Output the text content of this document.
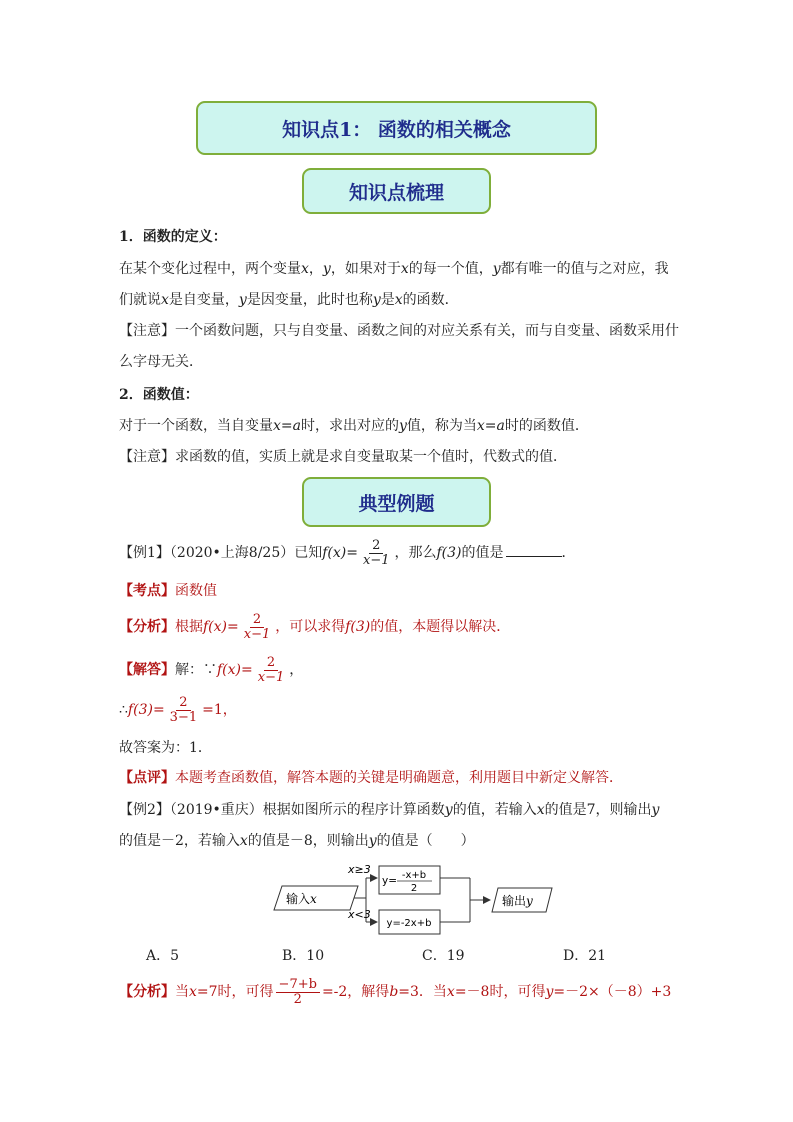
知识点1： 函数的相关概念
知识点梳理
1．函数的定义：
在某个变化过程中，两个变量x，y，如果对于x的每一个值，y都有唯一的值与之对应，我
们就说x是自变量，y是因变量，此时也称y是x的函数．
【注意】一个函数问题，只与自变量、函数之间的对应关系有关，而与自变量、函数采用什
么字母无关．
2．函数值：
对于一个函数，当自变量x=a时，求出对应的y值，称为当x=a时的函数值．
【注意】求函数的值，实质上就是求自变量取某一个值时，代数式的值．
典型例题
【例1】（2020•上海8/25）已知$f(x)= \frac{2}{x-1}$ ，那么f(3)的值是	．
【考点】函数值
【分析】根据$f(x)= \frac{2}{x-1}$ ，可以求得f(3)的值，本题得以解决．
【解答】解：∵f(x)= $\frac{2}{x-1}$ ，
∴f(3)= $\frac{2}{3-1} =1$，
故答案为：1．
【点评】本题考查函数值，解答本题的关键是明确题意，利用题目中新定义解答．
【例2】（2019•重庆）根据如图所示的程序计算函数y的值，若输入x的值是7，则输出y
的值是－2，若输入x的值是－8，则输出y的值是（　　）
输入x
x≥3
x<3
y= -x+b
2
y=-2x+b
输出y
A．5	B．10	C．19	D．21
【分析】当x=7时，可得 $\frac{-7+b}{2} =-2$，解得b=3．当x=－8时，可得y=－2×（－8）+3
